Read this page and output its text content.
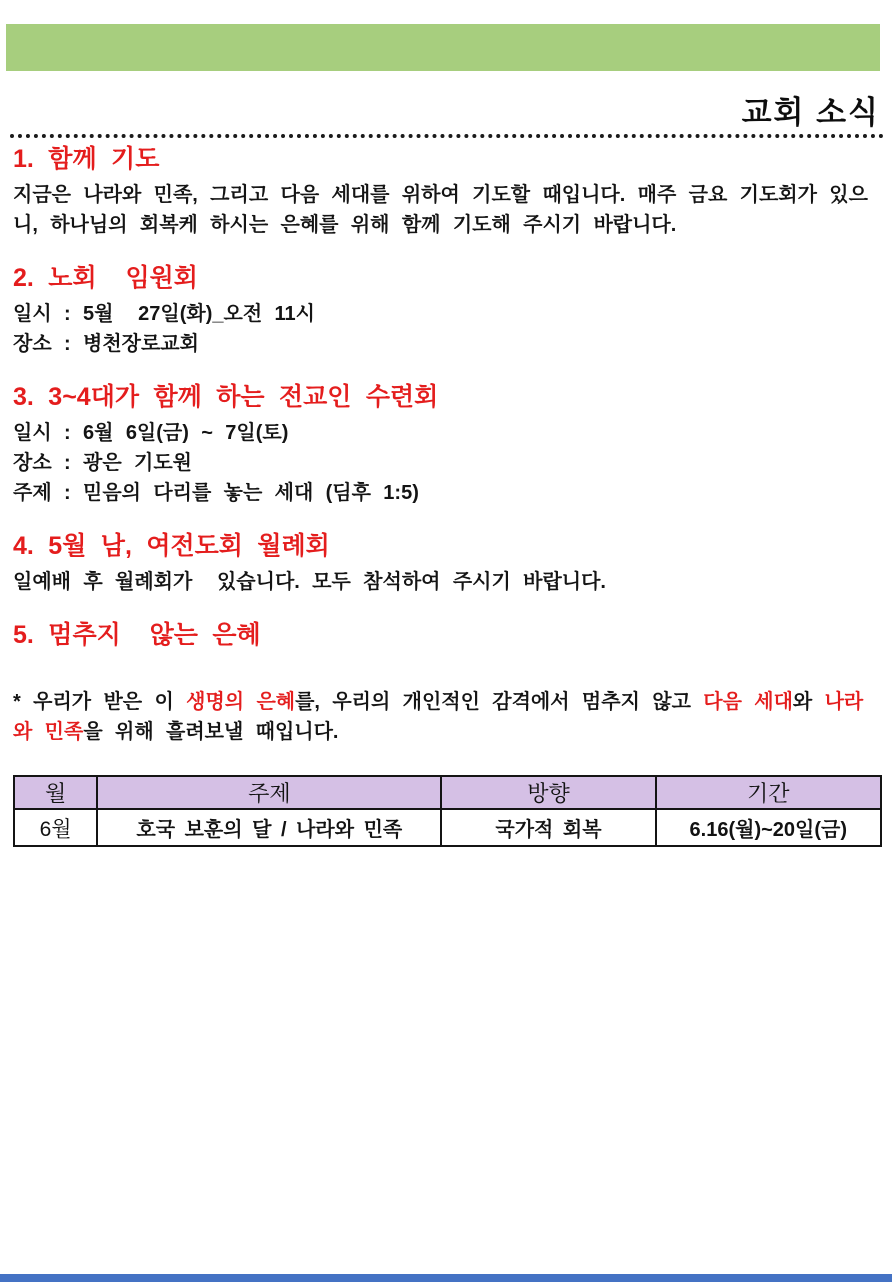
교회 소식
1. 함께 기도

지금은 나라와 민족, 그리고 다음 세대를 위하여 기도할 때입니다. 매주 금요 기도회가 있으니, 하나님의 회복케 하시는 은혜를 위해 함께 기도해 주시기 바랍니다.

2. 노회  임원회

일시 : 5월  27일(화)_오전 11시

장소 : 병천장로교회

3. 3~4대가 함께 하는 전교인 수련회

일시 : 6월 6일(금) ~ 7일(토)

장소 : 광은 기도원

주제 : 믿음의 다리를 놓는 세대 (딤후 1:5)

4. 5월 남, 여전도회 월례회

일예배 후 월례회가  있습니다. 모두 참석하여 주시기 바랍니다.

5. 멈추지  않는 은혜

* 우리가 받은 이 생명의 은혜를, 우리의 개인적인 감격에서 멈추지 않고 다음 세대와 나라와 민족을 위해 흘려보낼 때입니다.

월	주제	방향	기간
6월	호국 보훈의 달 / 나라와 민족	국가적 회복	6.16(월)~20일(금)
